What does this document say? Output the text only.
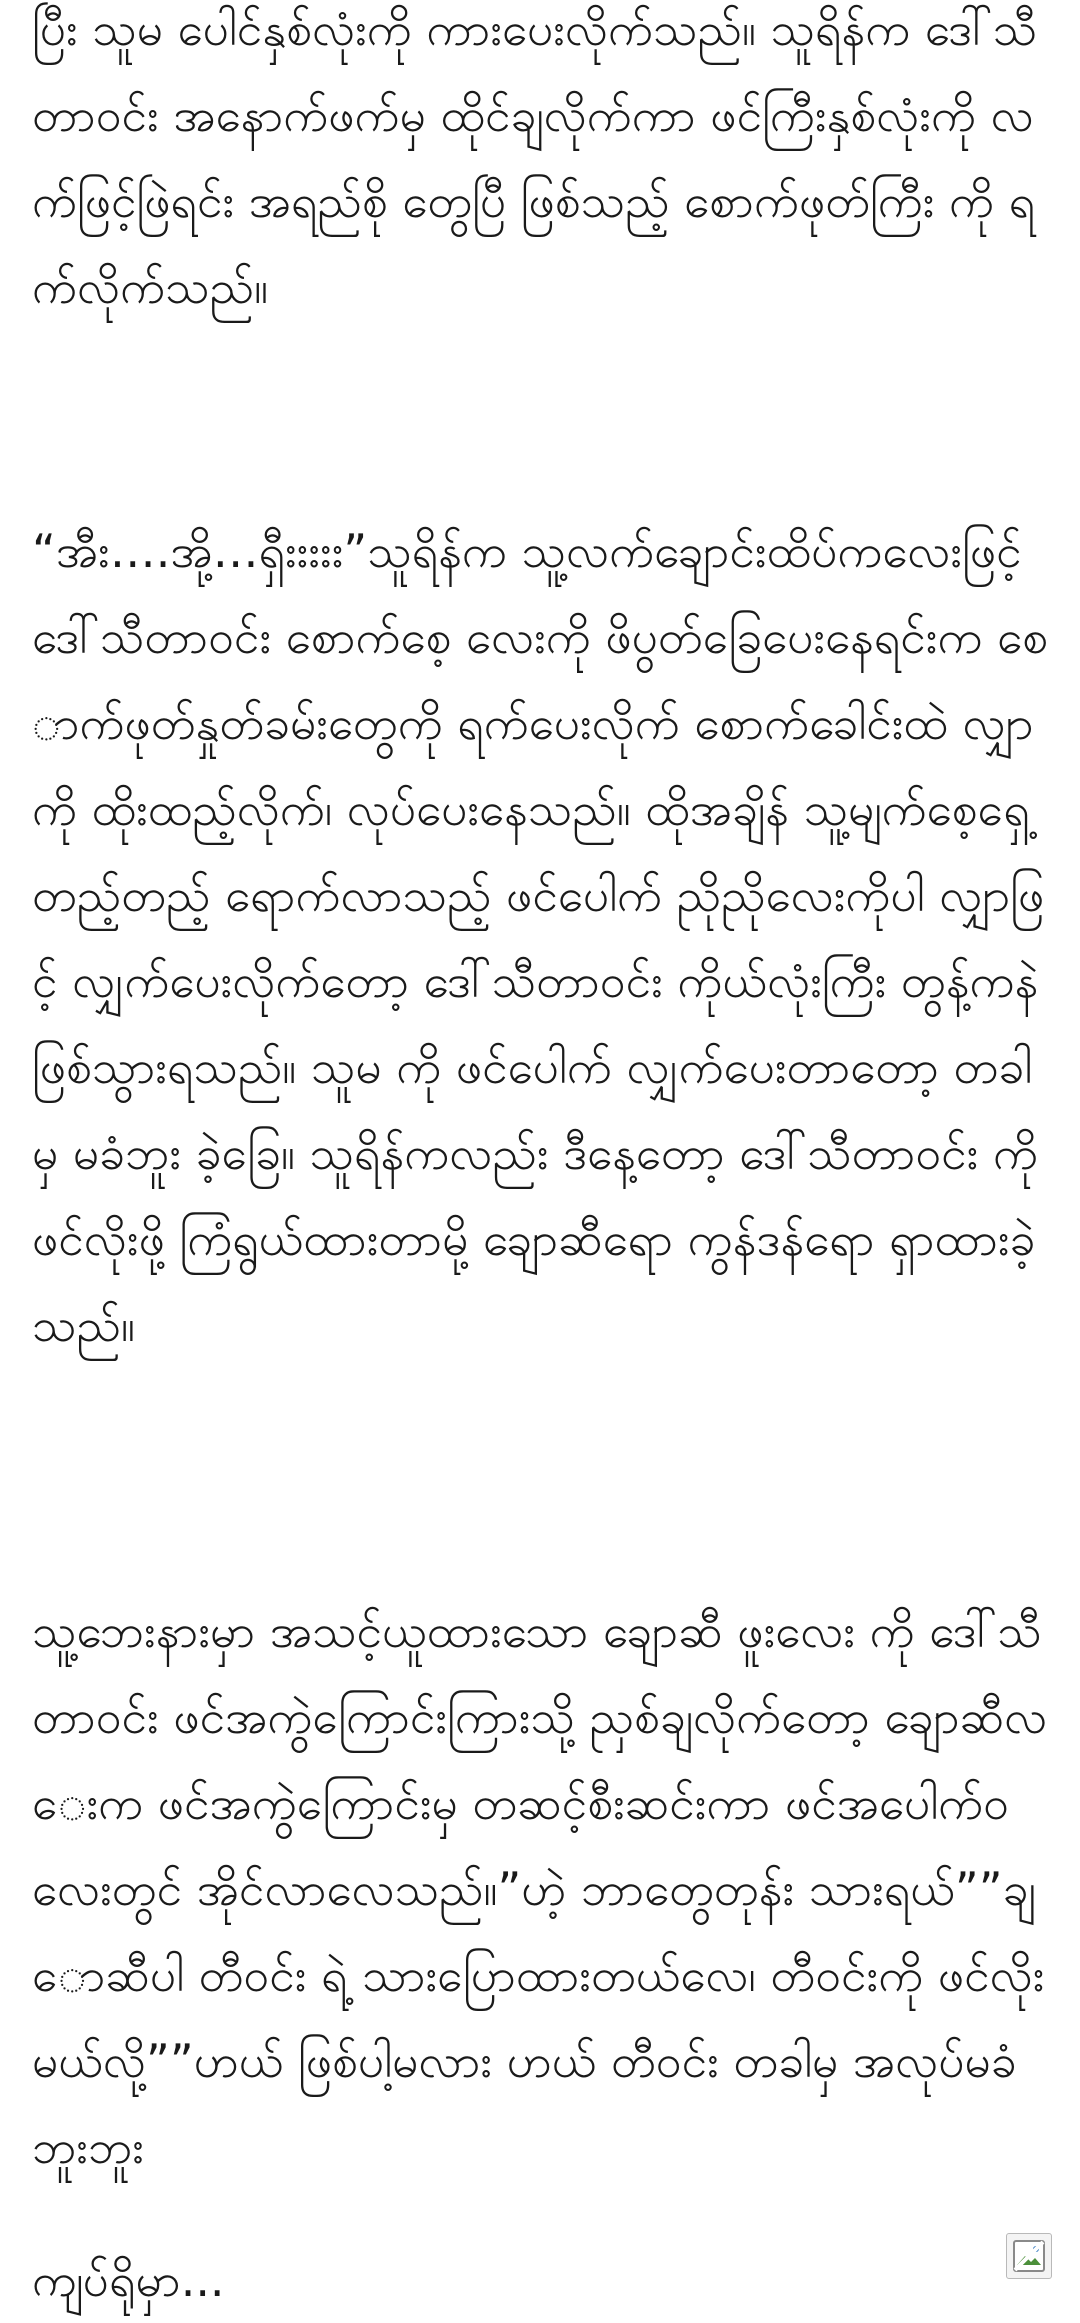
ပြီး သူမ ပေါင်နှစ်လုံးကို ကားပေးလိုက်သည်။ သူရိန်က ဒေါ်သီတာဝင်း အနောက်ဖက်မှ ထိုင်ချလိုက်ကာ ဖင်ကြီးနှစ်လုံးကို လက်ဖြင့်ဖြဲရင်း အရည်စို တွေပြီ ဖြစ်သည့် စောက်ဖုတ်ကြီး ကို ရက်လိုက်သည်။

“အီး….အို့…ရှီးးးးး”သူရိန်က သူ့လက်ချောင်းထိပ်ကလေးဖြင့် ဒေါ်သီတာဝင်း စောက်စေ့ လေးကို ဖိပွတ်ခြေပေးနေရင်းက စောက်ဖုတ်နှုတ်ခမ်းတွေကို ရက်ပေးလိုက် စောက်ခေါင်းထဲ လျှာကို ထိုးထည့်လိုက်၊ လုပ်ပေးနေသည်။ ထိုအချိန် သူ့မျက်စေ့ရှေ့ တည့်တည့် ရောက်လာသည့် ဖင်ပေါက် ညိုညိုလေးကိုပါ လျှာဖြင့် လျှက်ပေးလိုက်တော့ ဒေါ်သီတာဝင်း ကိုယ်လုံးကြီး တွန့်ကနဲ ဖြစ်သွားရသည်။ သူမ ကို ဖင်ပေါက် လျှက်ပေးတာတော့ တခါမှ မခံဘူး ခဲ့ခြေ။ သူရိန်ကလည်း ဒီနေ့တော့ ဒေါ်သီတာဝင်း ကို ဖင်လိုးဖို့ ကြံရွယ်ထားတာမို့ ချောဆီရော ကွန်ဒန်ရော ရှာထားခဲ့သည်။

သူ့ဘေးနားမှာ အသင့်ယူထားသော ချောဆီ ဖူးလေး ကို ဒေါ်သီတာဝင်း ဖင်အကွဲကြောင်းကြားသို့ ညှစ်ချလိုက်တော့ ချောဆီလေးက ဖင်အကွဲကြောင်းမှ တဆင့်စီးဆင်းကာ ဖင်အပေါက်ဝလေးတွင် အိုင်လာလေသည်။”ဟဲ့ ဘာတွေတုန်း သားရယ်””ချောဆီပါ တီဝင်း ရဲ့ သားပြောထားတယ်လေ၊ တီဝင်းကို ဖင်လိုးမယ်လို့””ဟယ် ဖြစ်ပါ့မလား ဟယ် တီဝင်း တခါမှ အလုပ်မခံဘူးဘူး

ကျပ်ရိုမှာ...
